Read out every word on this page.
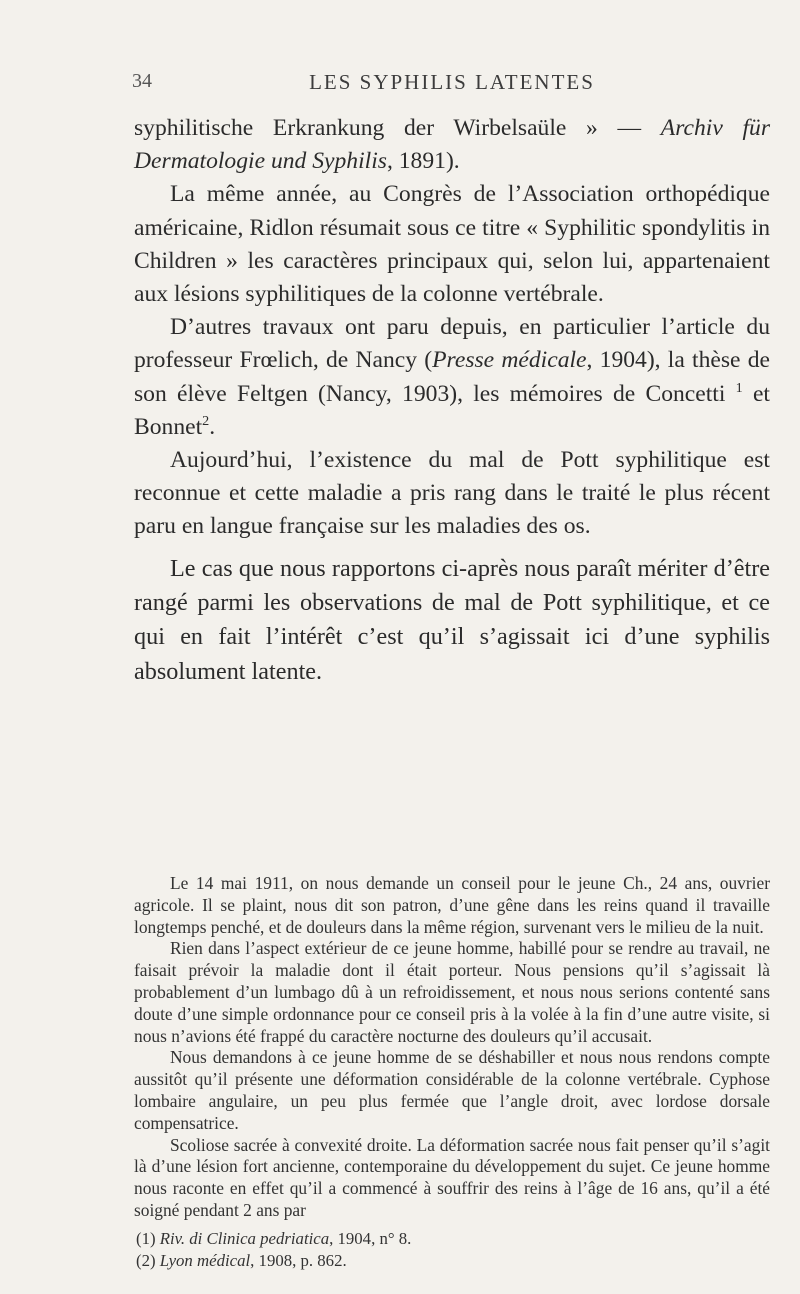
34	LES SYPHILIS LATENTES

syphilitische Erkrankung der Wirbelsaüle » — Archiv für Dermatologie und Syphilis, 1891).

La même année, au Congrès de l’Association orthopédique américaine, Ridlon résumait sous ce titre « Syphilitic spondylitis in Children » les caractères principaux qui, selon lui, appartenaient aux lésions syphilitiques de la colonne vertébrale.

D’autres travaux ont paru depuis, en particulier l’article du professeur Frœlich, de Nancy (Presse médicale, 1904), la thèse de son élève Feltgen (Nancy, 1903), les mémoires de Concetti $^1$ et Bonnet$^2$.

Aujourd’hui, l’existence du mal de Pott syphilitique est reconnue et cette maladie a pris rang dans le traité le plus récent paru en langue française sur les maladies des os.

Le cas que nous rapportons ci-après nous paraît mériter d’être rangé parmi les observations de mal de Pott syphilitique, et ce qui en fait l’intérêt c’est qu’il s’agissait ici d’une syphilis absolument latente.

Le 14 mai 1911, on nous demande un conseil pour le jeune Ch., 24 ans, ouvrier agricole. Il se plaint, nous dit son patron, d’une gêne dans les reins quand il travaille longtemps penché, et de douleurs dans la même région, survenant vers le milieu de la nuit.

Rien dans l’aspect extérieur de ce jeune homme, habillé pour se rendre au travail, ne faisait prévoir la maladie dont il était porteur. Nous pensions qu’il s’agissait là probablement d’un lumbago dû à un refroidissement, et nous nous serions contenté sans doute d’une simple ordonnance pour ce conseil pris à la volée à la fin d’une autre visite, si nous n’avions été frappé du caractère nocturne des douleurs qu’il accusait.

Nous demandons à ce jeune homme de se déshabiller et nous nous rendons compte aussitôt qu’il présente une déformation considérable de la colonne vertébrale. Cyphose lombaire angulaire, un peu plus fermée que l’angle droit, avec lordose dorsale compensatrice.

Scoliose sacrée à convexité droite. La déformation sacrée nous fait penser qu’il s’agit là d’une lésion fort ancienne, contemporaine du développement du sujet. Ce jeune homme nous raconte en effet qu’il a commencé à souffrir des reins à l’âge de 16 ans, qu’il a été soigné pendant 2 ans par

(1) Riv. di Clinica pedriatica, 1904, n° 8.

(2) Lyon médical, 1908, p. 862.
